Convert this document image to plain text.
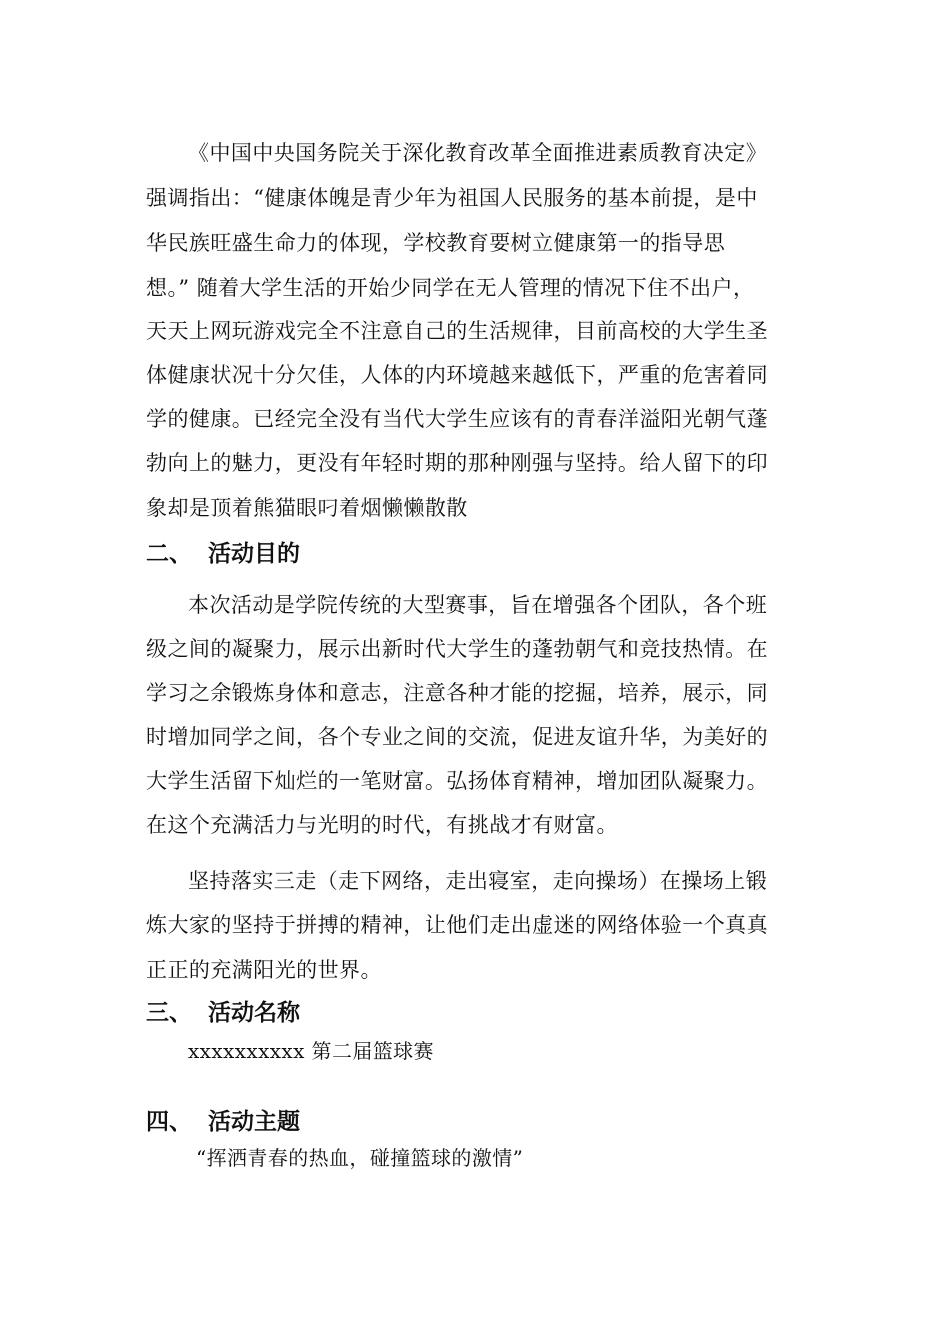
《中国中央国务院关于深化教育改革全面推进素质教育决定》
强调指出：“健康体魄是青少年为祖国人民服务的基本前提，是中
华民族旺盛生命力的体现，学校教育要树立健康第一的指导思
想。” 随着大学生活的开始少同学在无人管理的情况下住不出户，
天天上网玩游戏完全不注意自己的生活规律，目前高校的大学生圣
体健康状况十分欠佳，人体的内环境越来越低下，严重的危害着同
学的健康。已经完全没有当代大学生应该有的青春洋溢阳光朝气蓬
勃向上的魅力，更没有年轻时期的那种刚强与坚持。给人留下的印
象却是顶着熊猫眼叼着烟懒懒散散
二、 活动目的
本次活动是学院传统的大型赛事，旨在增强各个团队，各个班
级之间的凝聚力，展示出新时代大学生的蓬勃朝气和竞技热情。在
学习之余锻炼身体和意志，注意各种才能的挖掘，培养，展示，同
时增加同学之间，各个专业之间的交流，促进友谊升华，为美好的
大学生活留下灿烂的一笔财富。弘扬体育精神，增加团队凝聚力。
在这个充满活力与光明的时代，有挑战才有财富。
坚持落实三走（走下网络，走出寝室，走向操场）在操场上锻
炼大家的坚持于拼搏的精神，让他们走出虚迷的网络体验一个真真
正正的充满阳光的世界。
三、 活动名称
xxxxxxxxxx 第二届篮球赛
四、 活动主题
“挥洒青春的热血，碰撞篮球的激情”
